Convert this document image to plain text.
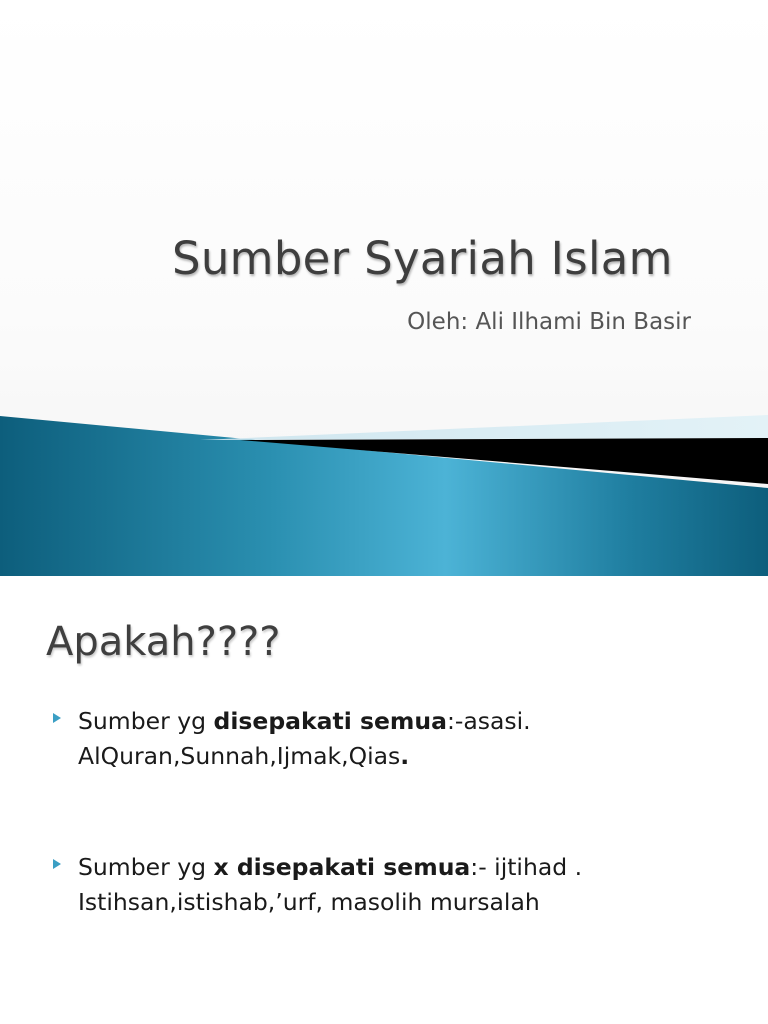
Sumber Syariah Islam
Oleh: Ali Ilhami Bin Basir
Apakah????
Sumber yg disepakati semua:-asasi.
AlQuran,Sunnah,Ijmak,Qias.
Sumber yg x disepakati semua:- ijtihad .
Istihsan,istishab,’urf, masolih mursalah
